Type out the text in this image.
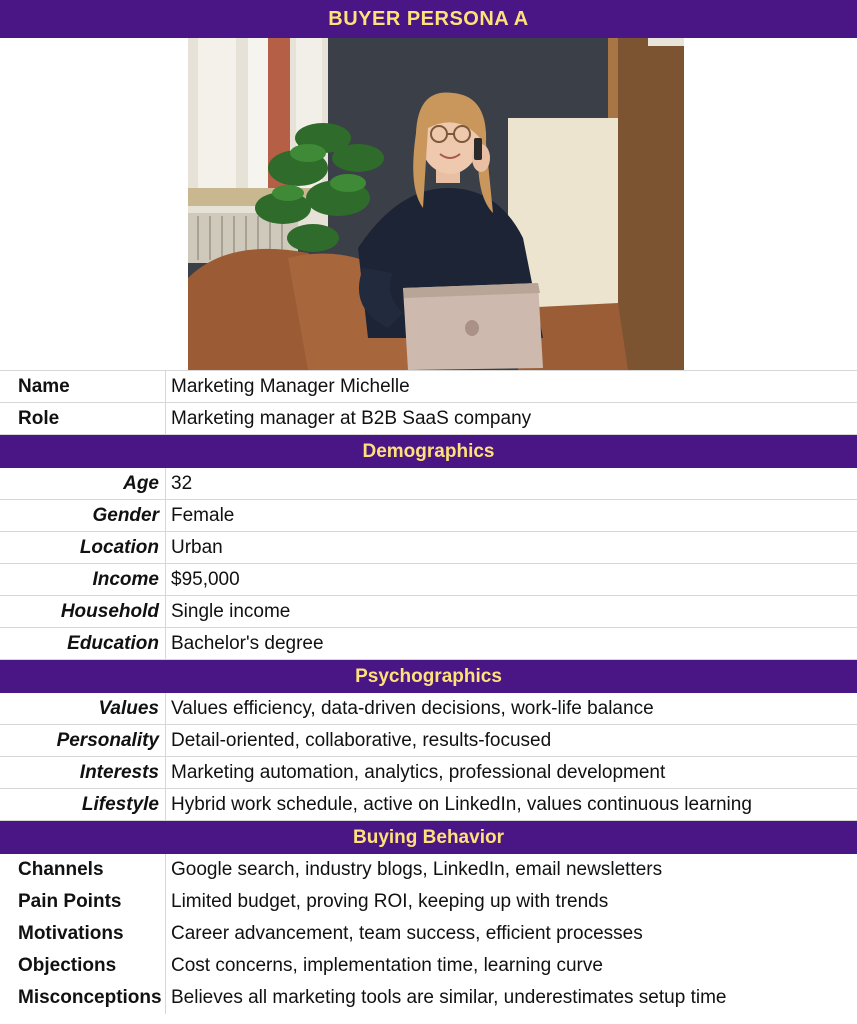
BUYER PERSONA A
Name	Marketing Manager Michelle
Role	Marketing manager at B2B SaaS company
Demographics
Age 32
Gender Female
Location Urban
Income $95,000
Household Single income
Education Bachelor's degree
Psychographics
Values Values efficiency, data-driven decisions, work-life balance
Personality Detail-oriented, collaborative, results-focused
Interests Marketing automation, analytics, professional development
Lifestyle Hybrid work schedule, active on LinkedIn, values continuous learning
Buying Behavior
Channels	Google search, industry blogs, LinkedIn, email newsletters
Pain Points	Limited budget, proving ROI, keeping up with trends
Motivations	Career advancement, team success, efficient processes
Objections	Cost concerns, implementation time, learning curve
Misconceptions Believes all marketing tools are similar, underestimates setup time
